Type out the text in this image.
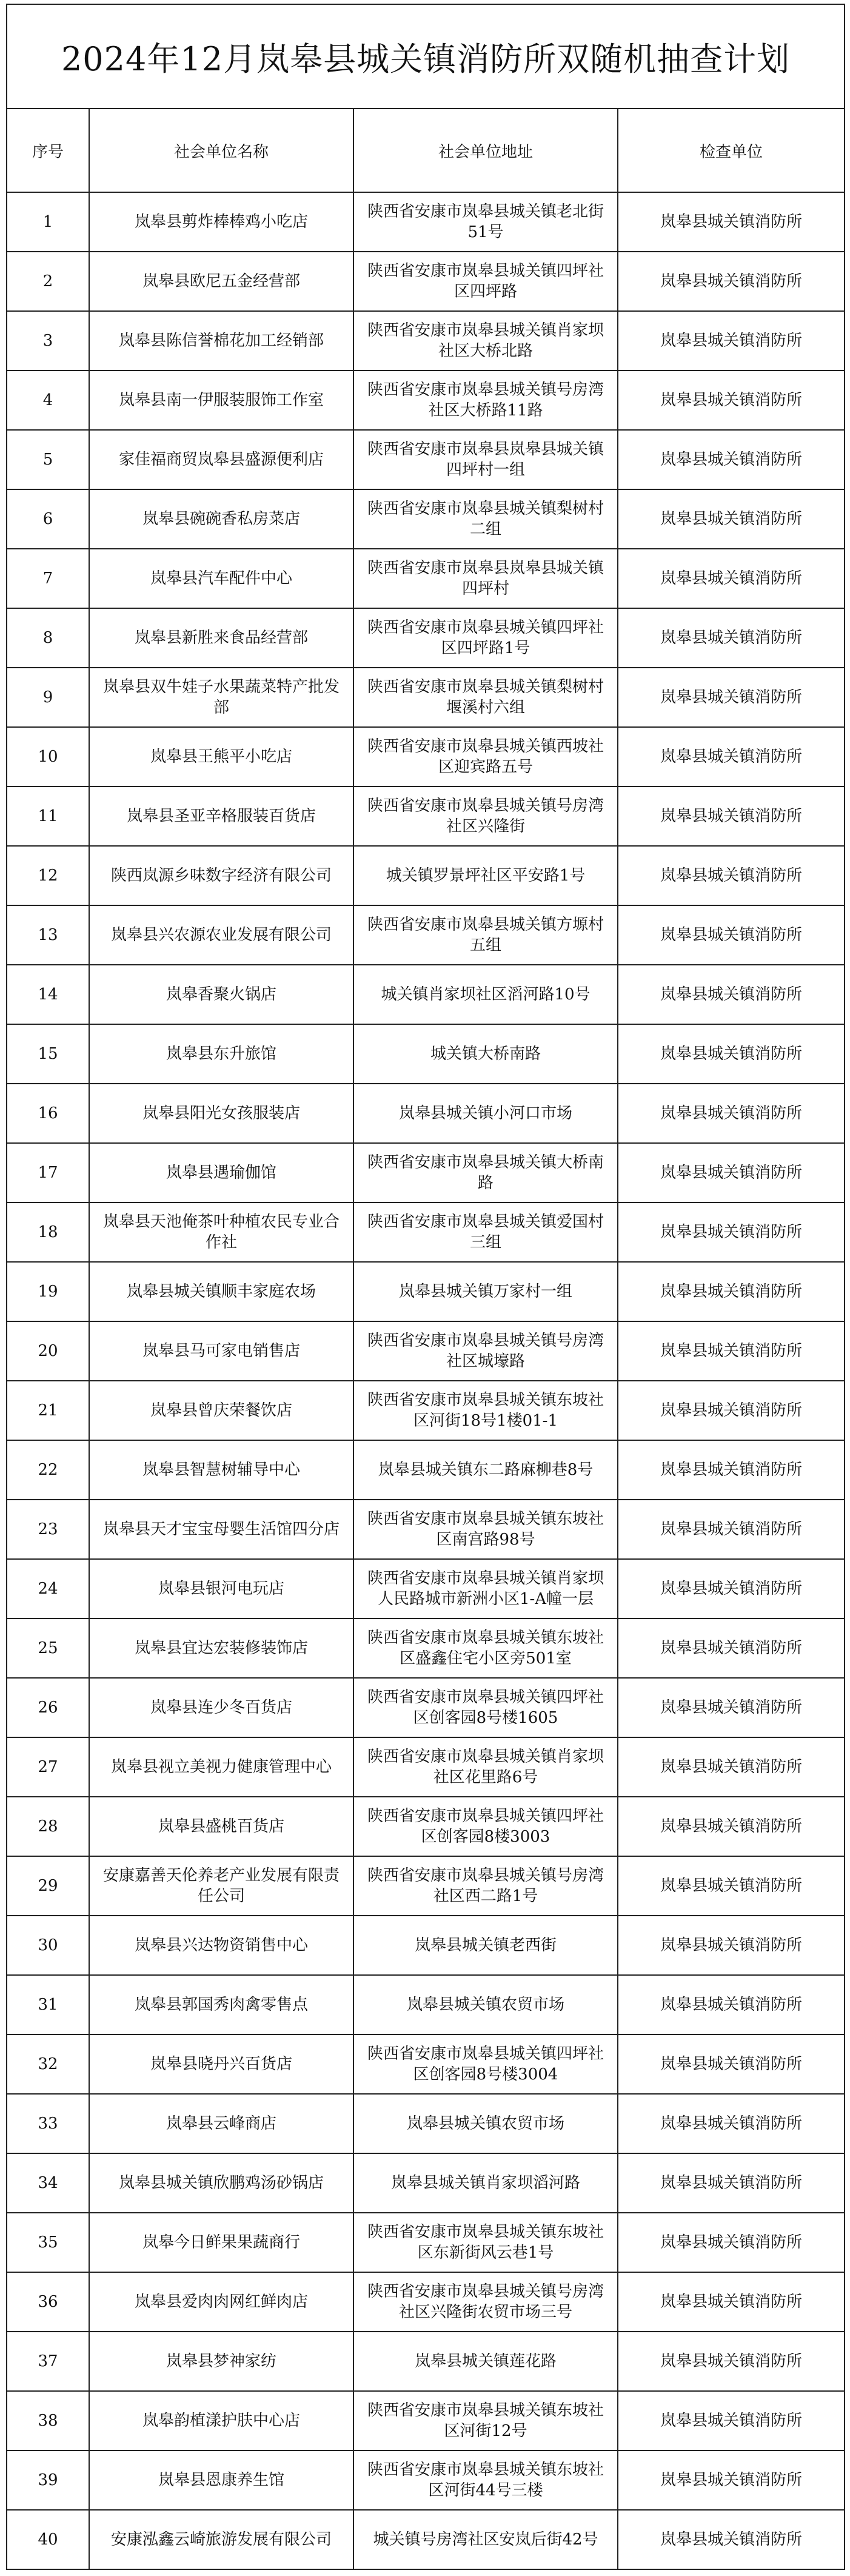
2024年12月岚皋县城关镇消防所双随机抽查计划			
序号	社会单位名称	社会单位地址	检查单位
1	岚皋县剪炸棒棒鸡小吃店	陕西省安康市岚皋县城关镇老北街51号	岚皋县城关镇消防所
2	岚皋县欧尼五金经营部	陕西省安康市岚皋县城关镇四坪社区四坪路	岚皋县城关镇消防所
3	岚皋县陈信誉棉花加工经销部	陕西省安康市岚皋县城关镇肖家坝社区大桥北路	岚皋县城关镇消防所
4	岚皋县南一伊服装服饰工作室	陕西省安康市岚皋县城关镇号房湾社区大桥路11路	岚皋县城关镇消防所
5	家佳福商贸岚皋县盛源便利店	陕西省安康市岚皋县岚皋县城关镇四坪村一组	岚皋县城关镇消防所
6	岚皋县碗碗香私房菜店	陕西省安康市岚皋县城关镇梨树村二组	岚皋县城关镇消防所
7	岚皋县汽车配件中心	陕西省安康市岚皋县岚皋县城关镇四坪村	岚皋县城关镇消防所
8	岚皋县新胜来食品经营部	陕西省安康市岚皋县城关镇四坪社区四坪路1号	岚皋县城关镇消防所
9	岚皋县双牛娃子水果蔬菜特产批发部	陕西省安康市岚皋县城关镇梨树村堰溪村六组	岚皋县城关镇消防所
10	岚皋县王熊平小吃店	陕西省安康市岚皋县城关镇西坡社区迎宾路五号	岚皋县城关镇消防所
11	岚皋县圣亚辛格服装百货店	陕西省安康市岚皋县城关镇号房湾社区兴隆街	岚皋县城关镇消防所
12	陕西岚源乡味数字经济有限公司	城关镇罗景坪社区平安路1号	岚皋县城关镇消防所
13	岚皋县兴农源农业发展有限公司	陕西省安康市岚皋县城关镇方塬村五组	岚皋县城关镇消防所
14	岚皋香聚火锅店	城关镇肖家坝社区滔河路10号	岚皋县城关镇消防所
15	岚皋县东升旅馆	城关镇大桥南路	岚皋县城关镇消防所
16	岚皋县阳光女孩服装店	岚皋县城关镇小河口市场	岚皋县城关镇消防所
17	岚皋县遇瑜伽馆	陕西省安康市岚皋县城关镇大桥南路	岚皋县城关镇消防所
18	岚皋县天池俺茶叶种植农民专业合作社	陕西省安康市岚皋县城关镇爱国村三组	岚皋县城关镇消防所
19	岚皋县城关镇顺丰家庭农场	岚皋县城关镇万家村一组	岚皋县城关镇消防所
20	岚皋县马可家电销售店	陕西省安康市岚皋县城关镇号房湾社区城壕路	岚皋县城关镇消防所
21	岚皋县曾庆荣餐饮店	陕西省安康市岚皋县城关镇东坡社区河街18号1楼01-1	岚皋县城关镇消防所
22	岚皋县智慧树辅导中心	岚皋县城关镇东二路麻柳巷8号	岚皋县城关镇消防所
23	岚皋县天才宝宝母婴生活馆四分店	陕西省安康市岚皋县城关镇东坡社区南宫路98号	岚皋县城关镇消防所
24	岚皋县银河电玩店	陕西省安康市岚皋县城关镇肖家坝人民路城市新洲小区1-A幢一层	岚皋县城关镇消防所
25	岚皋县宜达宏装修装饰店	陕西省安康市岚皋县城关镇东坡社区盛鑫住宅小区旁501室	岚皋县城关镇消防所
26	岚皋县连少冬百货店	陕西省安康市岚皋县城关镇四坪社区创客园8号楼1605	岚皋县城关镇消防所
27	岚皋县视立美视力健康管理中心	陕西省安康市岚皋县城关镇肖家坝社区花里路6号	岚皋县城关镇消防所
28	岚皋县盛桃百货店	陕西省安康市岚皋县城关镇四坪社区创客园8楼3003	岚皋县城关镇消防所
29	安康嘉善天伦养老产业发展有限责任公司	陕西省安康市岚皋县城关镇号房湾社区西二路1号	岚皋县城关镇消防所
30	岚皋县兴达物资销售中心	岚皋县城关镇老西街	岚皋县城关镇消防所
31	岚皋县郭国秀肉禽零售点	岚皋县城关镇农贸市场	岚皋县城关镇消防所
32	岚皋县晓丹兴百货店	陕西省安康市岚皋县城关镇四坪社区创客园8号楼3004	岚皋县城关镇消防所
33	岚皋县云峰商店	岚皋县城关镇农贸市场	岚皋县城关镇消防所
34	岚皋县城关镇欣鹏鸡汤砂锅店	岚皋县城关镇肖家坝滔河路	岚皋县城关镇消防所
35	岚皋今日鲜果果蔬商行	陕西省安康市岚皋县城关镇东坡社区东新街风云巷1号	岚皋县城关镇消防所
36	岚皋县爱肉肉网红鲜肉店	陕西省安康市岚皋县城关镇号房湾社区兴隆街农贸市场三号	岚皋县城关镇消防所
37	岚皋县梦神家纺	岚皋县城关镇莲花路	岚皋县城关镇消防所
38	岚皋韵植漾护肤中心店	陕西省安康市岚皋县城关镇东坡社区河街12号	岚皋县城关镇消防所
39	岚皋县恩康养生馆	陕西省安康市岚皋县城关镇东坡社区河街44号三楼	岚皋县城关镇消防所
40	安康泓鑫云崎旅游发展有限公司	城关镇号房湾社区安岚后街42号	岚皋县城关镇消防所
